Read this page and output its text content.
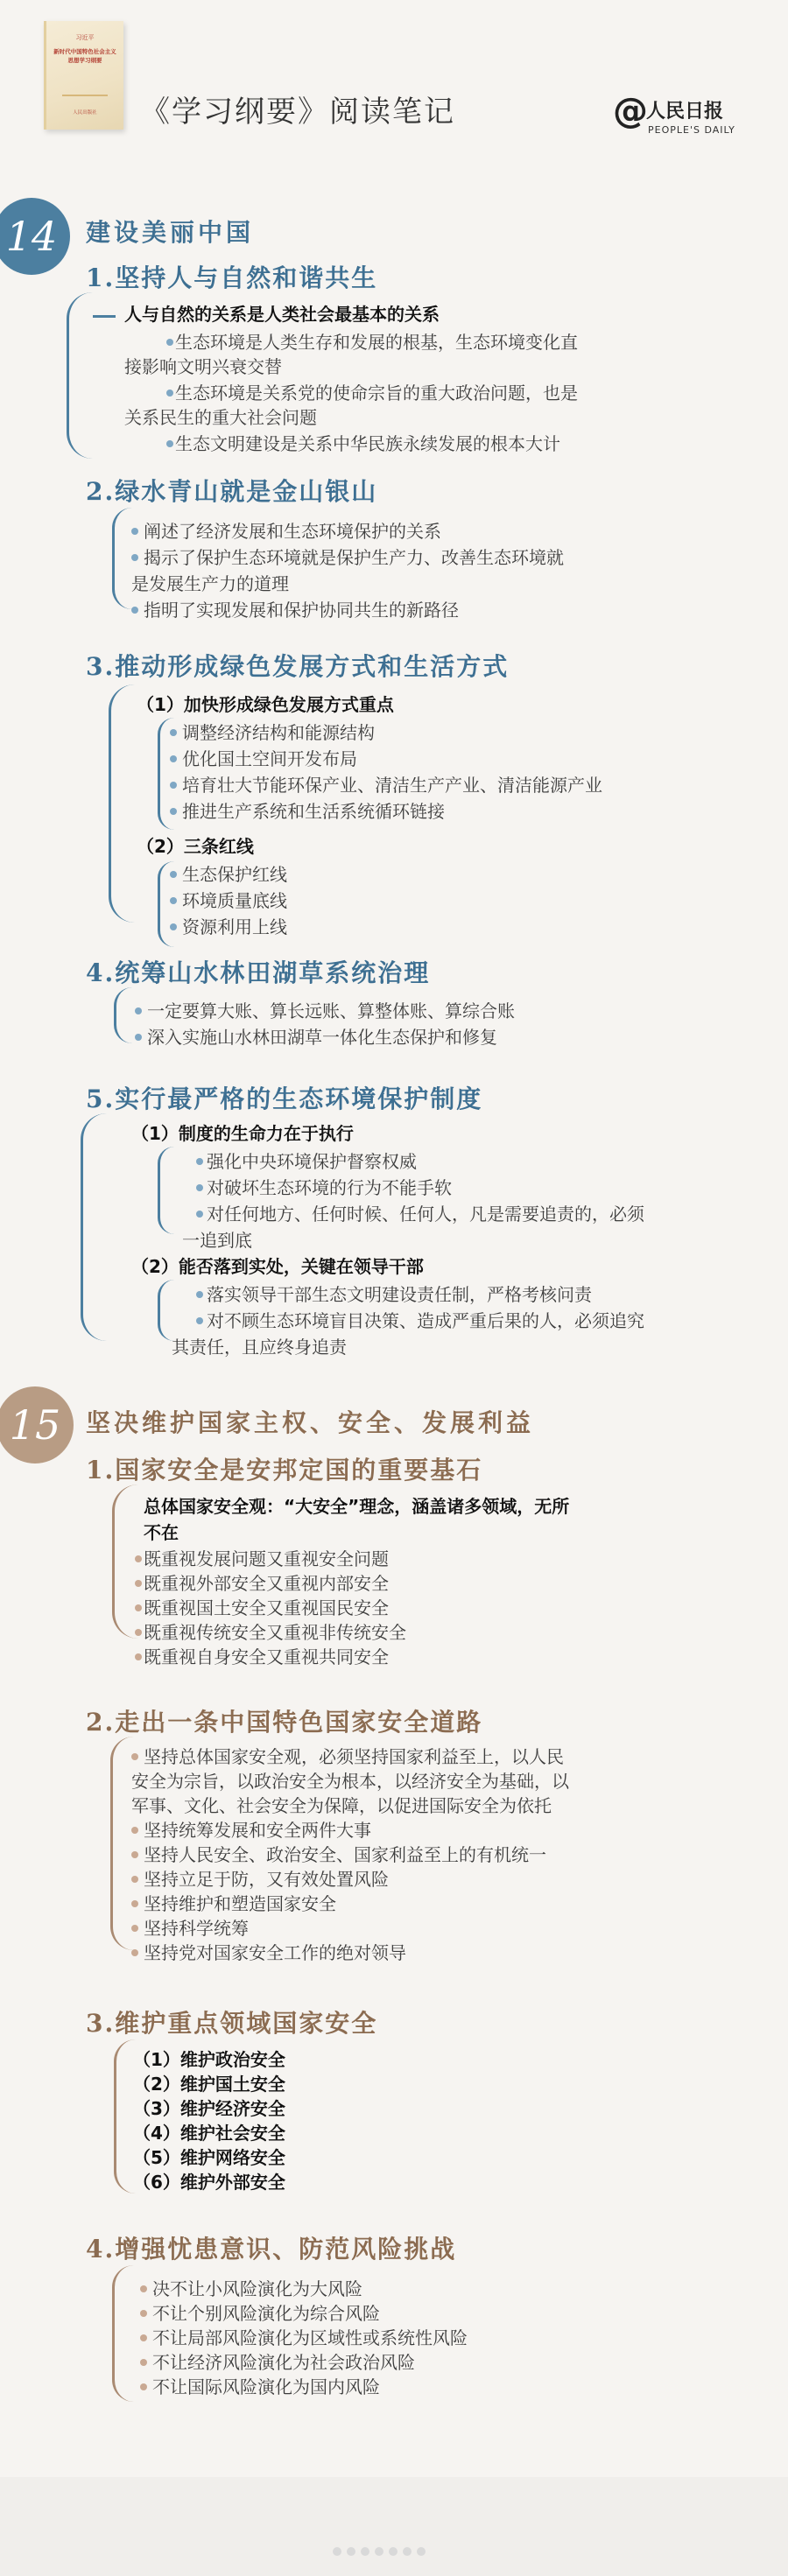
习近平
新时代中国特色社会主义思想学习纲要
人民出版社	《学习纲要》阅读笔记	@
人民日报
PEOPLE'S DAILY
14	建设美丽中国
1.坚持人与自然和谐共生
人与自然的关系是人类社会最基本的关系
生态环境是人类生存和发展的根基，生态环境变化直
接影响文明兴衰交替
生态环境是关系党的使命宗旨的重大政治问题，也是
关系民生的重大社会问题
生态文明建设是关系中华民族永续发展的根本大计
2.绿水青山就是金山银山
阐述了经济发展和生态环境保护的关系
揭示了保护生态环境就是保护生产力、改善生态环境就
是发展生产力的道理
指明了实现发展和保护协同共生的新路径
3.推动形成绿色发展方式和生活方式
（1）加快形成绿色发展方式重点
调整经济结构和能源结构
优化国土空间开发布局
培育壮大节能环保产业、清洁生产产业、清洁能源产业
推进生产系统和生活系统循环链接
（2）三条红线
生态保护红线
环境质量底线
资源利用上线
4.统筹山水林田湖草系统治理
一定要算大账、算长远账、算整体账、算综合账
深入实施山水林田湖草一体化生态保护和修复
5.实行最严格的生态环境保护制度
（1）制度的生命力在于执行
强化中央环境保护督察权威
对破坏生态环境的行为不能手软
对任何地方、任何时候、任何人，凡是需要追责的，必须
一追到底
（2）能否落到实处，关键在领导干部
落实领导干部生态文明建设责任制，严格考核问责
对不顾生态环境盲目决策、造成严重后果的人，必须追究
其责任，且应终身追责
15	坚决维护国家主权、安全、发展利益
1.国家安全是安邦定国的重要基石
总体国家安全观：“大安全”理念，涵盖诸多领域，无所
不在
既重视发展问题又重视安全问题
既重视外部安全又重视内部安全
既重视国土安全又重视国民安全
既重视传统安全又重视非传统安全
既重视自身安全又重视共同安全
2.走出一条中国特色国家安全道路
坚持总体国家安全观，必须坚持国家利益至上，以人民
安全为宗旨，以政治安全为根本，以经济安全为基础，以
军事、文化、社会安全为保障，以促进国际安全为依托
坚持统筹发展和安全两件大事
坚持人民安全、政治安全、国家利益至上的有机统一
坚持立足于防，又有效处置风险
坚持维护和塑造国家安全
坚持科学统筹
坚持党对国家安全工作的绝对领导
3.维护重点领域国家安全
（1）维护政治安全
（2）维护国土安全
（3）维护经济安全
（4）维护社会安全
（5）维护网络安全
（6）维护外部安全
4.增强忧患意识、防范风险挑战
决不让小风险演化为大风险
不让个别风险演化为综合风险
不让局部风险演化为区域性或系统性风险
不让经济风险演化为社会政治风险
不让国际风险演化为国内风险
